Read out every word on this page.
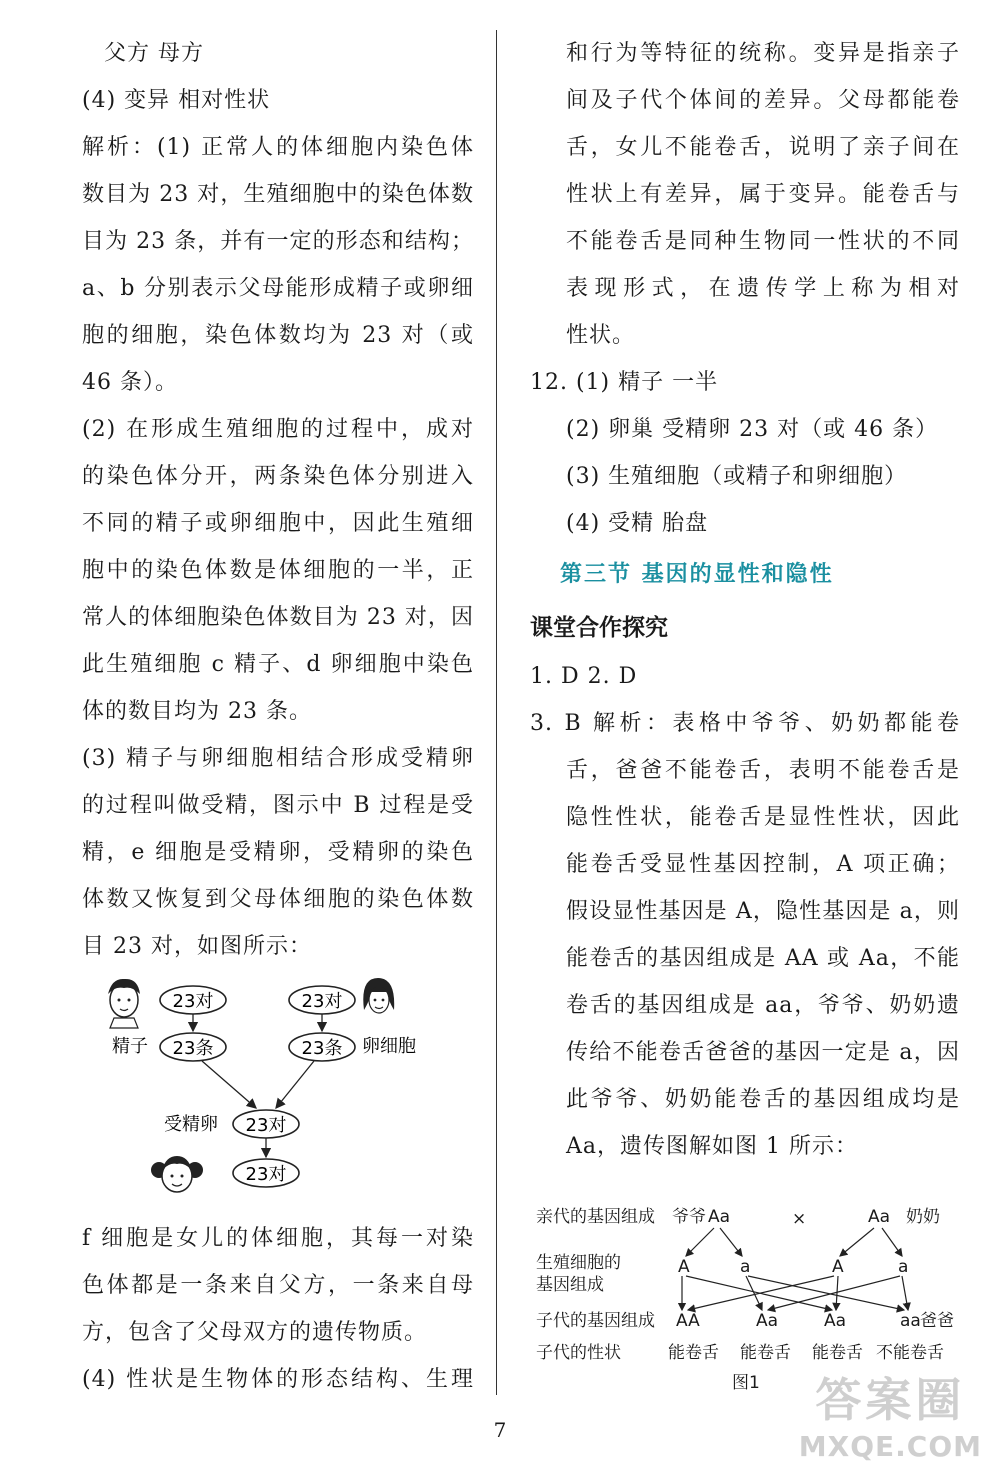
父方 母方
(4) 变异 相对性状
解析：(1) 正常人的体细胞内染色体
数目为 23 对，生殖细胞中的染色体数
目为 23 条，并有一定的形态和结构；
a、b 分别表示父母能形成精子或卵细
胞的细胞，染色体数均为 23 对（或
46 条）。
(2) 在形成生殖细胞的过程中，成对
的染色体分开，两条染色体分别进入
不同的精子或卵细胞中，因此生殖细
胞中的染色体数是体细胞的一半，正
常人的体细胞染色体数目为 23 对，因
此生殖细胞 c 精子、d 卵细胞中染色
体的数目均为 23 条。
(3) 精子与卵细胞相结合形成受精卵
的过程叫做受精，图示中 B 过程是受
精，e 细胞是受精卵，受精卵的染色
体数又恢复到父母体细胞的染色体数
目 23 对，如图所示：
23对	23对
精子 23条	23条 卵细胞
受精卵 23对
23对
f 细胞是女儿的体细胞，其每一对染
色体都是一条来自父方，一条来自母
方，包含了父母双方的遗传物质。
(4) 性状是生物体的形态结构、生理
和行为等特征的统称。变异是指亲子
间及子代个体间的差异。父母都能卷
舌，女儿不能卷舌，说明了亲子间在
性状上有差异，属于变异。能卷舌与
不能卷舌是同种生物同一性状的不同
表现形式，在遗传学上称为相对
性状。
12. (1) 精子 一半
(2) 卵巢 受精卵 23 对（或 46 条）
(3) 生殖细胞（或精子和卵细胞）
(4) 受精 胎盘
第三节 基因的显性和隐性
课堂合作探究
1. D 2. D
3. B 解析：表格中爷爷、奶奶都能卷
舌，爸爸不能卷舌，表明不能卷舌是
隐性性状，能卷舌是显性性状，因此
能卷舌受显性基因控制，A 项正确；
假设显性基因是 A，隐性基因是 a，则
能卷舌的基因组成是 AA 或 Aa，不能
卷舌的基因组成是 aa，爷爷、奶奶遗
传给不能卷舌爸爸的基因一定是 a，因
此爷爷、奶奶能卷舌的基因组成均是
Aa，遗传图解如图 1 所示：
亲代的基因组成 爷爷 Aa	×	Aa 奶奶
生殖细胞的
基因组成
A	a	A	a
子代的基因组成 AA	Aa	Aa	aa 爸爸
子代的性状	能卷舌 能卷舌 能卷舌 不能卷舌
图1
7
答案圈
MXQE.COM
